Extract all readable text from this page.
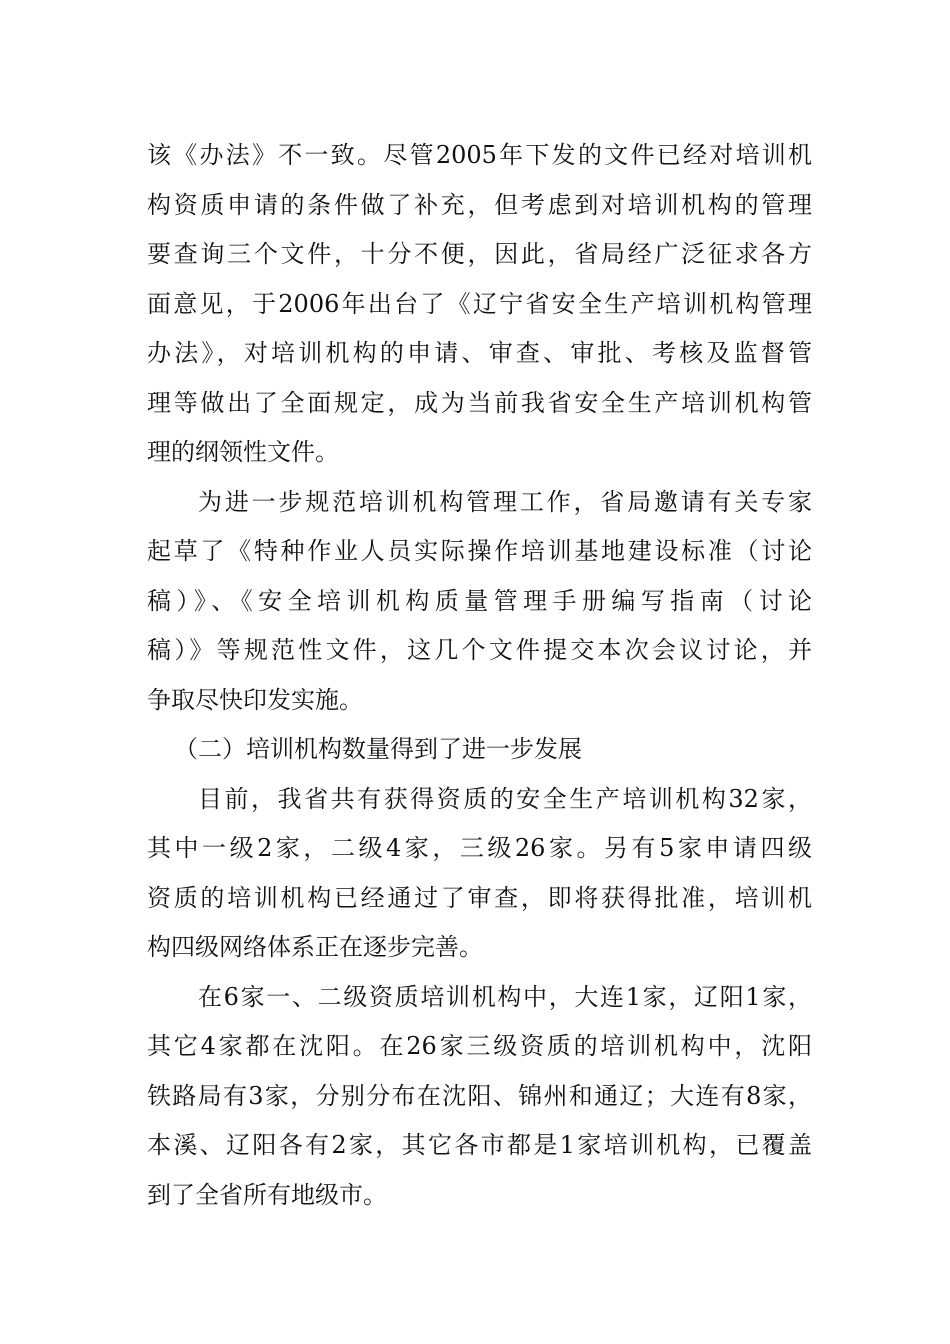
该《办法》不一致。尽管2005年下发的文件已经对培训机
构资质申请的条件做了补充，但考虑到对培训机构的管理
要查询三个文件，十分不便，因此，省局经广泛征求各方
面意见，于2006年出台了《辽宁省安全生产培训机构管理
办法》，对培训机构的申请、审查、审批、考核及监督管
理等做出了全面规定，成为当前我省安全生产培训机构管
理的纲领性文件。
为进一步规范培训机构管理工作，省局邀请有关专家
起草了《特种作业人员实际操作培训基地建设标准（讨论
稿）》、《安全培训机构质量管理手册编写指南（讨论
稿）》等规范性文件，这几个文件提交本次会议讨论，并
争取尽快印发实施。
（二）培训机构数量得到了进一步发展
目前，我省共有获得资质的安全生产培训机构32家，
其中一级2家，二级4家，三级26家。另有5家申请四级
资质的培训机构已经通过了审查，即将获得批准，培训机
构四级网络体系正在逐步完善。
在6家一、二级资质培训机构中，大连1家，辽阳1家，
其它4家都在沈阳。在26家三级资质的培训机构中，沈阳
铁路局有3家，分别分布在沈阳、锦州和通辽；大连有8家，
本溪、辽阳各有2家，其它各市都是1家培训机构，已覆盖
到了全省所有地级市。
